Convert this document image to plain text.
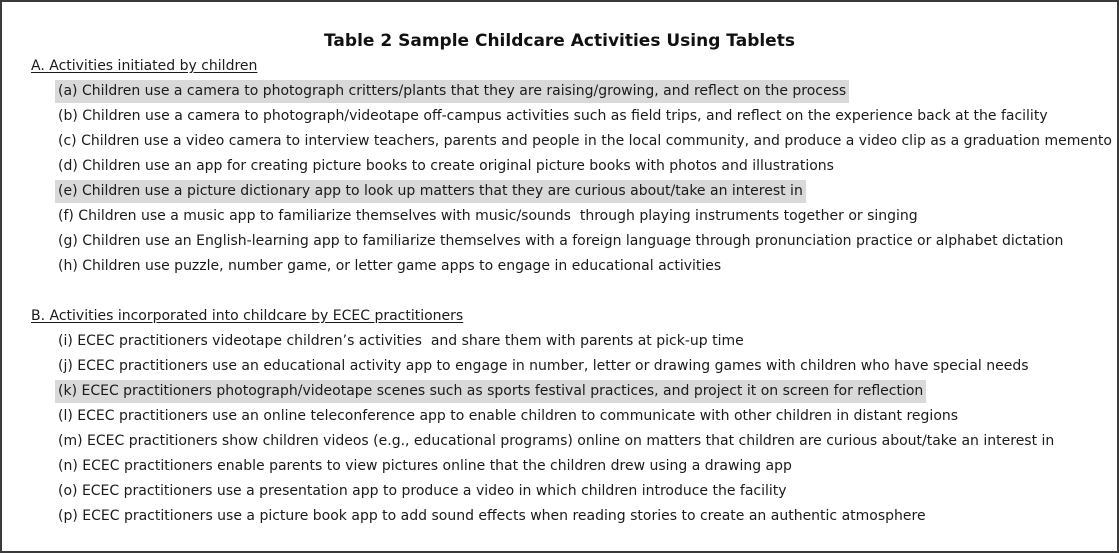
Table 2 Sample Childcare Activities Using Tablets
A. Activities initiated by children
(a) Children use a camera to photograph critters/plants that they are raising/growing, and reflect on the process
(b) Children use a camera to photograph/videotape off-campus activities such as field trips, and reflect on the experience back at the facility
(c) Children use a video camera to interview teachers, parents and people in the local community, and produce a video clip as a graduation memento
(d) Children use an app for creating picture books to create original picture books with photos and illustrations
(e) Children use a picture dictionary app to look up matters that they are curious about/take an interest in
(f) Children use a music app to familiarize themselves with music/sounds  through playing instruments together or singing
(g) Children use an English-learning app to familiarize themselves with a foreign language through pronunciation practice or alphabet dictation
(h) Children use puzzle, number game, or letter game apps to engage in educational activities
B. Activities incorporated into childcare by ECEC practitioners
(i) ECEC practitioners videotape children’s activities  and share them with parents at pick-up time
(j) ECEC practitioners use an educational activity app to engage in number, letter or drawing games with children who have special needs
(k) ECEC practitioners photograph/videotape scenes such as sports festival practices, and project it on screen for reflection
(l) ECEC practitioners use an online teleconference app to enable children to communicate with other children in distant regions
(m) ECEC practitioners show children videos (e.g., educational programs) online on matters that children are curious about/take an interest in
(n) ECEC practitioners enable parents to view pictures online that the children drew using a drawing app
(o) ECEC practitioners use a presentation app to produce a video in which children introduce the facility
(p) ECEC practitioners use a picture book app to add sound effects when reading stories to create an authentic atmosphere
